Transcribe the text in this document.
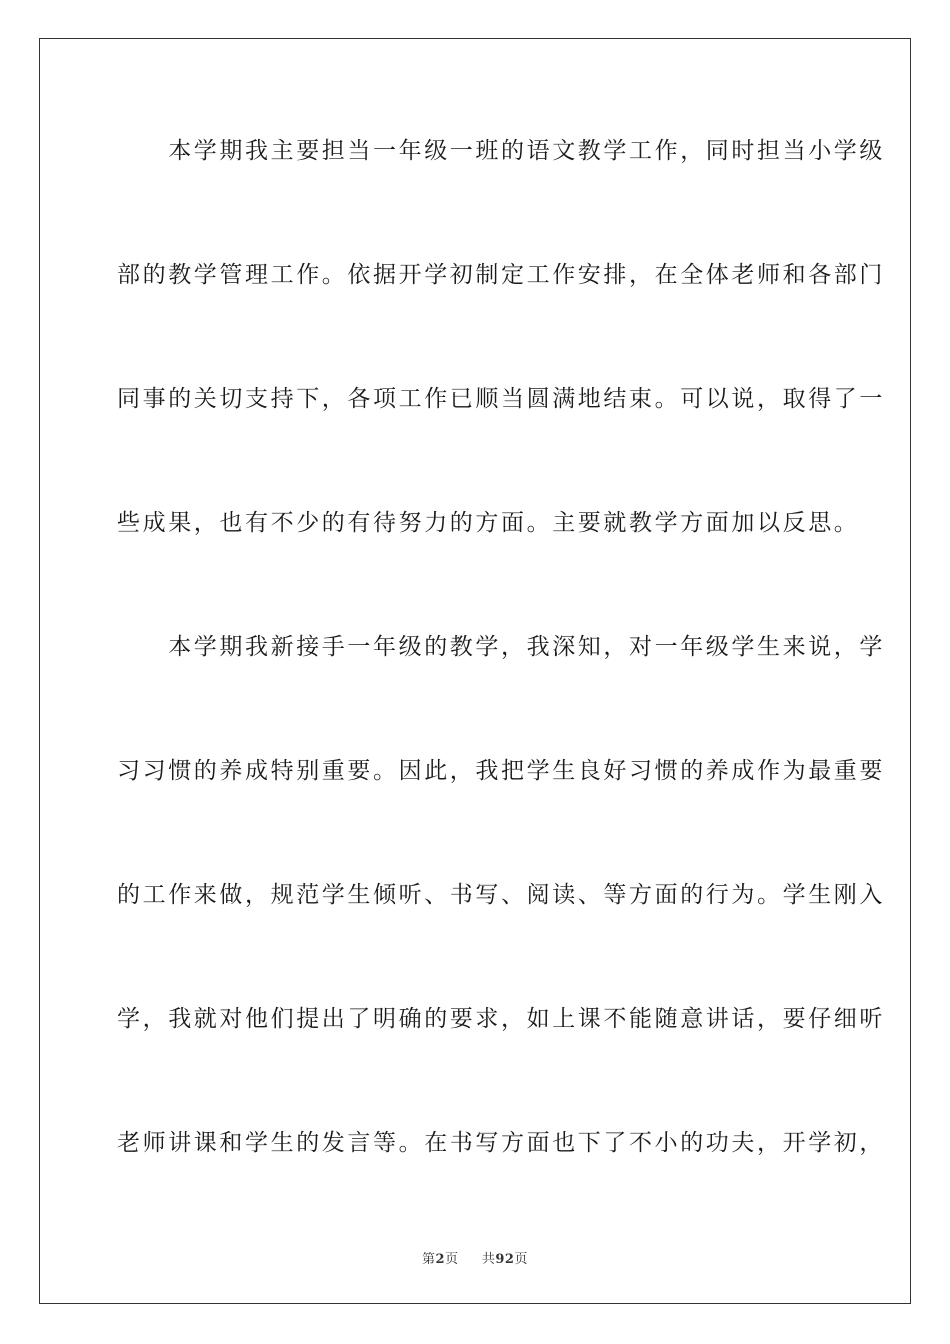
　　本学期我主要担当一年级一班的语文教学工作，同时担当小学级
部的教学管理工作。依据开学初制定工作安排，在全体老师和各部门
同事的关切支持下，各项工作已顺当圆满地结束。可以说，取得了一
些成果，也有不少的有待努力的方面。主要就教学方面加以反思。
　　本学期我新接手一年级的教学，我深知，对一年级学生来说，学
习习惯的养成特别重要。因此，我把学生良好习惯的养成作为最重要
的工作来做，规范学生倾听、书写、阅读、等方面的行为。学生刚入
学，我就对他们提出了明确的要求，如上课不能随意讲话，要仔细听
老师讲课和学生的发言等。在书写方面也下了不小的功夫，开学初，
第2页 共92页
